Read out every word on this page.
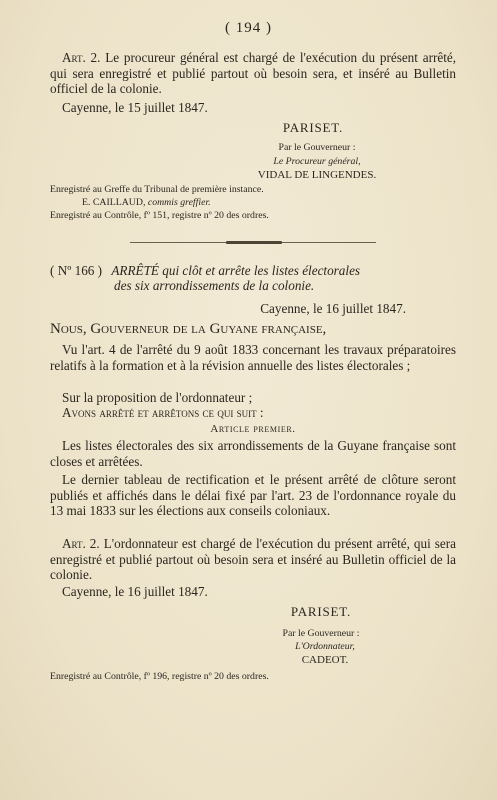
( 194 )

Art. 2. Le procureur général est chargé de l'exécution du présent arrêté, qui sera enregistré et publié partout où besoin sera, et inséré au Bulletin officiel de la colonie.

Cayenne, le 15 juillet 1847.

PARISET.

Par le Gouverneur :

Le Procureur général,

VIDAL DE LINGENDES.

Enregistré au Greffe du Tribunal de première instance.

E. CAILLAUD, commis greffier.

Enregistré au Contrôle, fº 151, registre nº 20 des ordres.

( Nº 166 ) ARRÊTÉ qui clôt et arrête les listes électorales

des six arrondissements de la colonie.

Cayenne, le 16 juillet 1847.

Nous, Gouverneur de la Guyane française,

Vu l'art. 4 de l'arrêté du 9 août 1833 concernant les travaux préparatoires relatifs à la formation et à la révision annuelle des listes électorales ;

Sur la proposition de l'ordonnateur ;

Avons arrêté et arrêtons ce qui suit :

Article premier.

Les listes électorales des six arrondissements de la Guyane française sont closes et arrêtées.

Le dernier tableau de rectification et le présent arrêté de clôture seront publiés et affichés dans le délai fixé par l'art. 23 de l'ordonnance royale du 13 mai 1833 sur les élections aux conseils coloniaux.

Art. 2. L'ordonnateur est chargé de l'exécution du présent arrêté, qui sera enregistré et publié partout où besoin sera et inséré au Bulletin officiel de la colonie.

Cayenne, le 16 juillet 1847.

PARISET.

Par le Gouverneur :

L'Ordonnateur,

CADEOT.

Enregistré au Contrôle, fº 196, registre nº 20 des ordres.
